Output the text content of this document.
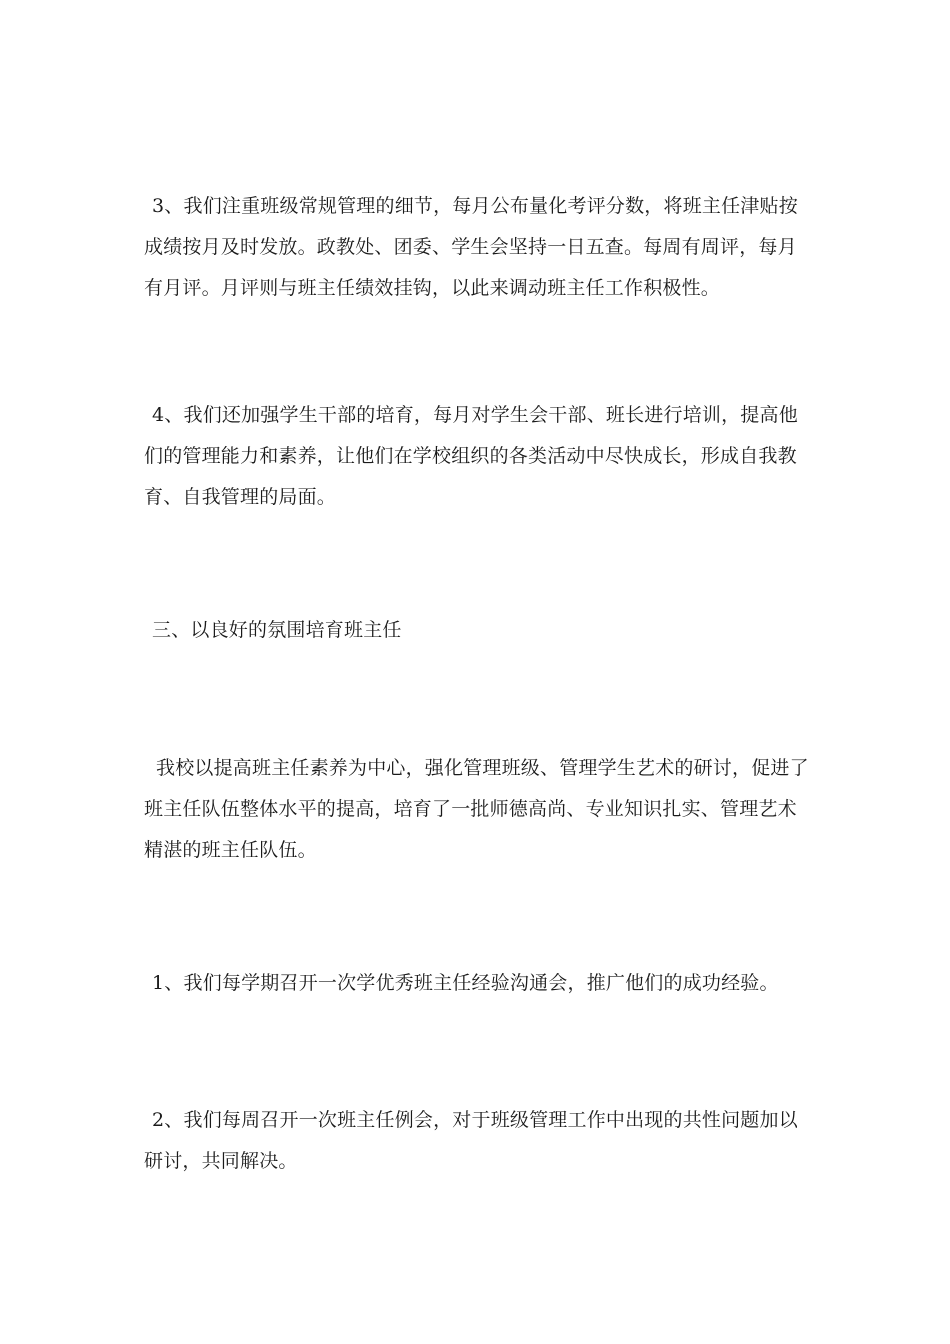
3、我们注重班级常规管理的细节，每月公布量化考评分数，将班主任津贴按成绩按月及时发放。政教处、团委、学生会坚持一日五查。每周有周评，每月有月评。月评则与班主任绩效挂钩，以此来调动班主任工作积极性。

4、我们还加强学生干部的培育，每月对学生会干部、班长进行培训，提高他们的管理能力和素养，让他们在学校组织的各类活动中尽快成长，形成自我教育、自我管理的局面。

三、以良好的氛围培育班主任

我校以提高班主任素养为中心，强化管理班级、管理学生艺术的研讨，促进了班主任队伍整体水平的提高，培育了一批师德高尚、专业知识扎实、管理艺术精湛的班主任队伍。

1、我们每学期召开一次学优秀班主任经验沟通会，推广他们的成功经验。

2、我们每周召开一次班主任例会，对于班级管理工作中出现的共性问题加以研讨，共同解决。
